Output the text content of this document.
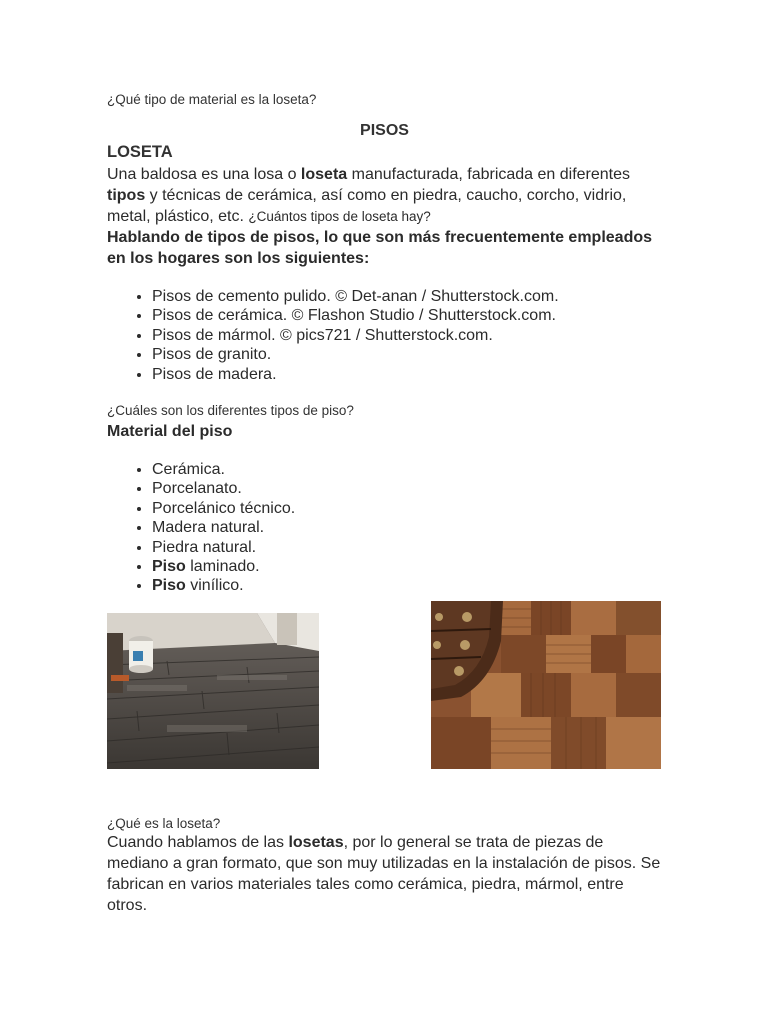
¿Qué tipo de material es la loseta?
PISOS
LOSETA
Una baldosa es una losa o loseta manufacturada, fabricada en diferentes tipos y técnicas de cerámica, así como en piedra, caucho, corcho, vidrio, metal, plástico, etc. ¿Cuántos tipos de loseta hay?
Hablando de tipos de pisos, lo que son más frecuentemente empleados en los hogares son los siguientes:
• Pisos de cemento pulido. © Det-anan / Shutterstock.com.
• Pisos de cerámica. © Flashon Studio / Shutterstock.com.
• Pisos de mármol. © pics721 / Shutterstock.com.
• Pisos de granito.
• Pisos de madera.
¿Cuáles son los diferentes tipos de piso?
Material del piso
• Cerámica.
• Porcelanato.
• Porcelánico técnico.
• Madera natural.
• Piedra natural.
• Piso laminado.
• Piso vinílico.
¿Qué es la loseta?
Cuando hablamos de las losetas, por lo general se trata de piezas de mediano a gran formato, que son muy utilizadas en la instalación de pisos. Se fabrican en varios materiales tales como cerámica, piedra, mármol, entre otros.
